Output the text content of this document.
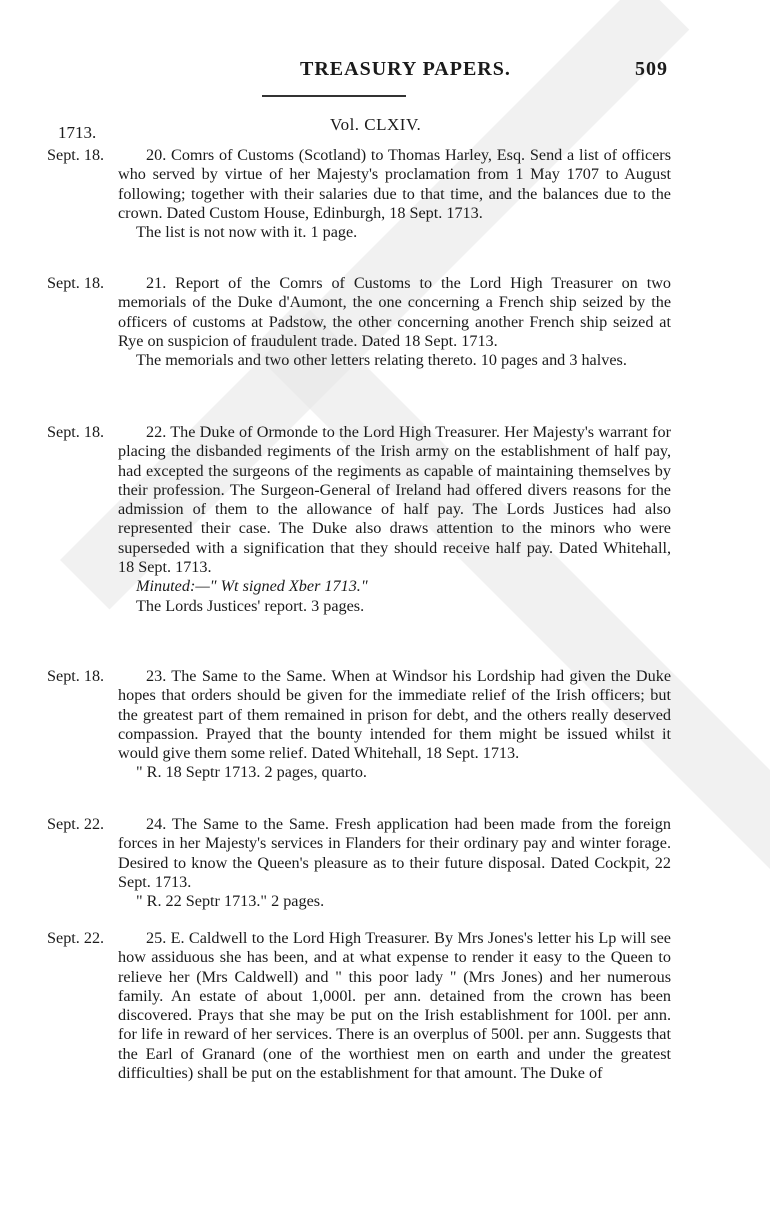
TREASURY PAPERS.	509
Vol. CLXIV.
1713.
Sept. 18.	20. Comrs of Customs (Scotland) to Thomas Harley, Esq. Send a list of officers who served by virtue of her Majesty's proclamation from 1 May 1707 to August following; together with their salaries due to that time, and the balances due to the crown. Dated Custom House, Edinburgh, 18 Sept. 1713.

The list is not now with it. 1 page.

Sept. 18.	21. Report of the Comrs of Customs to the Lord High Treasurer on two memorials of the Duke d'Aumont, the one concerning a French ship seized by the officers of customs at Padstow, the other concerning another French ship seized at Rye on suspicion of fraudulent trade. Dated 18 Sept. 1713.

The memorials and two other letters relating thereto. 10 pages and 3 halves.

Sept. 18.	22. The Duke of Ormonde to the Lord High Treasurer. Her Majesty's warrant for placing the disbanded regiments of the Irish army on the establishment of half pay, had excepted the surgeons of the regiments as capable of maintaining themselves by their profession. The Surgeon-General of Ireland had offered divers reasons for the admission of them to the allowance of half pay. The Lords Justices had also represented their case. The Duke also draws attention to the minors who were superseded with a signification that they should receive half pay. Dated Whitehall, 18 Sept. 1713.

Minuted:—" Wt signed Xber 1713."

The Lords Justices' report. 3 pages.

Sept. 18.	23. The Same to the Same. When at Windsor his Lordship had given the Duke hopes that orders should be given for the immediate relief of the Irish officers; but the greatest part of them remained in prison for debt, and the others really deserved compassion. Prayed that the bounty intended for them might be issued whilst it would give them some relief. Dated Whitehall, 18 Sept. 1713.

" R. 18 Septr 1713. 2 pages, quarto.

Sept. 22.	24. The Same to the Same. Fresh application had been made from the foreign forces in her Majesty's services in Flanders for their ordinary pay and winter forage. Desired to know the Queen's pleasure as to their future disposal. Dated Cockpit, 22 Sept. 1713.

" R. 22 Septr 1713." 2 pages.

Sept. 22.	25. E. Caldwell to the Lord High Treasurer. By Mrs Jones's letter his Lp will see how assiduous she has been, and at what expense to render it easy to the Queen to relieve her (Mrs Caldwell) and " this poor lady " (Mrs Jones) and her numerous family. An estate of about 1,000l. per ann. detained from the crown has been discovered. Prays that she may be put on the Irish establishment for 100l. per ann. for life in reward of her services. There is an overplus of 500l. per ann. Suggests that the Earl of Granard (one of the worthiest men on earth and under the greatest difficulties) shall be put on the establishment for that amount. The Duke of
